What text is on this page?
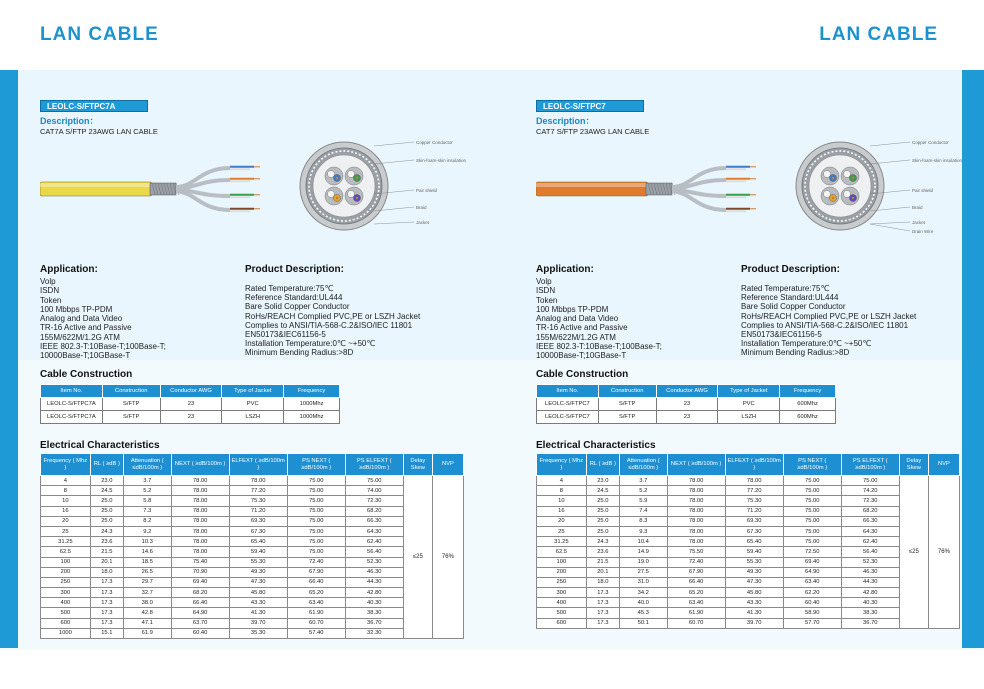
LAN CABLE
LEOLC-S/FTPC7A
Description：
CAT7A S/FTP 23AWG LAN CABLE
Copper Conductor
Skin-foam-skin insulation
Pair shield
Braid
Jacket
Application:
Volp
ISDN
Token
100 Mbbps TP-PDM
Analog and Data Video
TR-16 Active and Passive
155M/622M/1.2G ATM
IEEE 802.3-T:10Base-T;100Base-T;
10000Base-T;10GBase-T
Product Description:
Rated Temperature:75℃
Reference Standard:UL444
Bare Solid Copper Conductor
RoHs/REACH Complied PVC,PE or LSZH Jacket
Complies to ANSI/TIA-568-C.2&ISO/IEC 11801
EN50173&IEC61156-5
Installation Temperature:0℃ ~+50℃
Minimum Bending Radius:>8D
Cable Construction
Item No.	Construction	Conductor AWG	Type of Jacket	Frequency
LEOLC-S/FTPC7A	S/FTP	23	PVC	1000Mhz
LEOLC-S/FTPC7A	S/FTP	23	LSZH	1000Mhz
Electrical Characteristics
Frequency ( Mhz )	RL ( ≥dB )	Attenuation ( ≤dB/100m )	NEXT ( ≥dB/100m )	ELFEXT ( ≥dB/100m )	PS NEXT ( ≥dB/100m )	PS ELFEXT ( ≥dB/100m )	Delay Skew	NVP
4	23.0	3.7	78.00	78.00	75.00	75.00	≤25	76%
8	24.5	5.2	78.00	77.20	75.00	74.00		
10	25.0	5.8	78.00	75.30	75.00	72.30		
16	25.0	7.3	78.00	71.20	75.00	68.20		
20	25.0	8.2	78.00	69.30	75.00	66.30		
25	24.3	9.2	78.00	67.30	75.00	64.30		
31.25	23.6	10.3	78.00	65.40	75.00	62.40		
62.5	21.5	14.6	78.00	59.40	75.00	56.40		
100	20.1	18.5	75.40	55.30	72.40	52.30		
200	18.0	26.5	70.90	49.30	67.90	46.30		
250	17.3	29.7	69.40	47.30	66.40	44.30		
300	17.3	32.7	68.20	45.80	65.20	42.80		
400	17.3	38.0	66.40	43.30	63.40	40.30		
500	17.3	42.8	64.90	41.30	61.90	38.30		
600	17.3	47.1	63.70	39.70	60.70	36.70		
1000	15.1	61.9	60.40	35.30	57.40	32.30		
02
LAN CABLE
LEOLC-S/FTPC7
Description：
CAT7 S/FTP 23AWG LAN CABLE
Copper Conductor
Skin-foam-skin insulation
Pair shield
Braid
Jacket
Drain Wire
Application:
Volp
ISDN
Token
100 Mbbps TP-PDM
Analog and Data Video
TR-16 Active and Passive
155M/622M/1.2G ATM
IEEE 802.3-T:10Base-T;100Base-T;
10000Base-T;10GBase-T
Product Description:
Rated Temperature:75℃
Reference Standard:UL444
Bare Solid Copper Conductor
RoHs/REACH Complied PVC,PE or LSZH Jacket
Complies to ANSI/TIA-568-C.2&ISO/IEC 11801
EN50173&IEC61156-5
Installation Temperature:0℃ ~+50℃
Minimum Bending Radius:>8D
Cable Construction
Item No.	Construction	Conductor AWG	Type of Jacket	Frequency
LEOLC-S/FTPC7	S/FTP	23	PVC	600Mhz
LEOLC-S/FTPC7	S/FTP	23	LSZH	600Mhz
Electrical Characteristics
Frequency ( Mhz )	RL ( ≥dB )	Attenuation ( ≤dB/100m )	NEXT ( ≥dB/100m )	ELFEXT ( ≥dB/100m )	PS NEXT ( ≥dB/100m )	PS ELFEXT ( ≥dB/100m )	Delay Skew	NVP
4	23.0	3.7	78.00	78.00	75.00	75.00	≤25	76%
8	24.5	5.2	78.00	77.20	75.00	74.20		
10	25.0	5.9	78.00	75.30	75.00	72.30		
16	25.0	7.4	78.00	71.20	75.00	68.20		
20	25.0	8.3	78.00	69.30	75.00	66.30		
25	25.0	9.3	78.00	67.30	75.00	64.30		
31.25	24.3	10.4	78.00	65.40	75.00	62.40		
62.5	23.6	14.9	75.50	59.40	72.50	56.40		
100	21.5	19.0	72.40	55.30	69.40	52.30		
200	20.1	27.5	67.90	49.30	64.90	46.30		
250	18.0	31.0	66.40	47.30	63.40	44.30		
300	17.3	34.2	65.20	45.80	62.20	42.80		
400	17.3	40.0	63.40	43.30	60.40	40.30		
500	17.3	45.3	61.90	41.30	58.90	38.30		
600	17.3	50.1	60.70	39.70	57.70	36.70		
03
